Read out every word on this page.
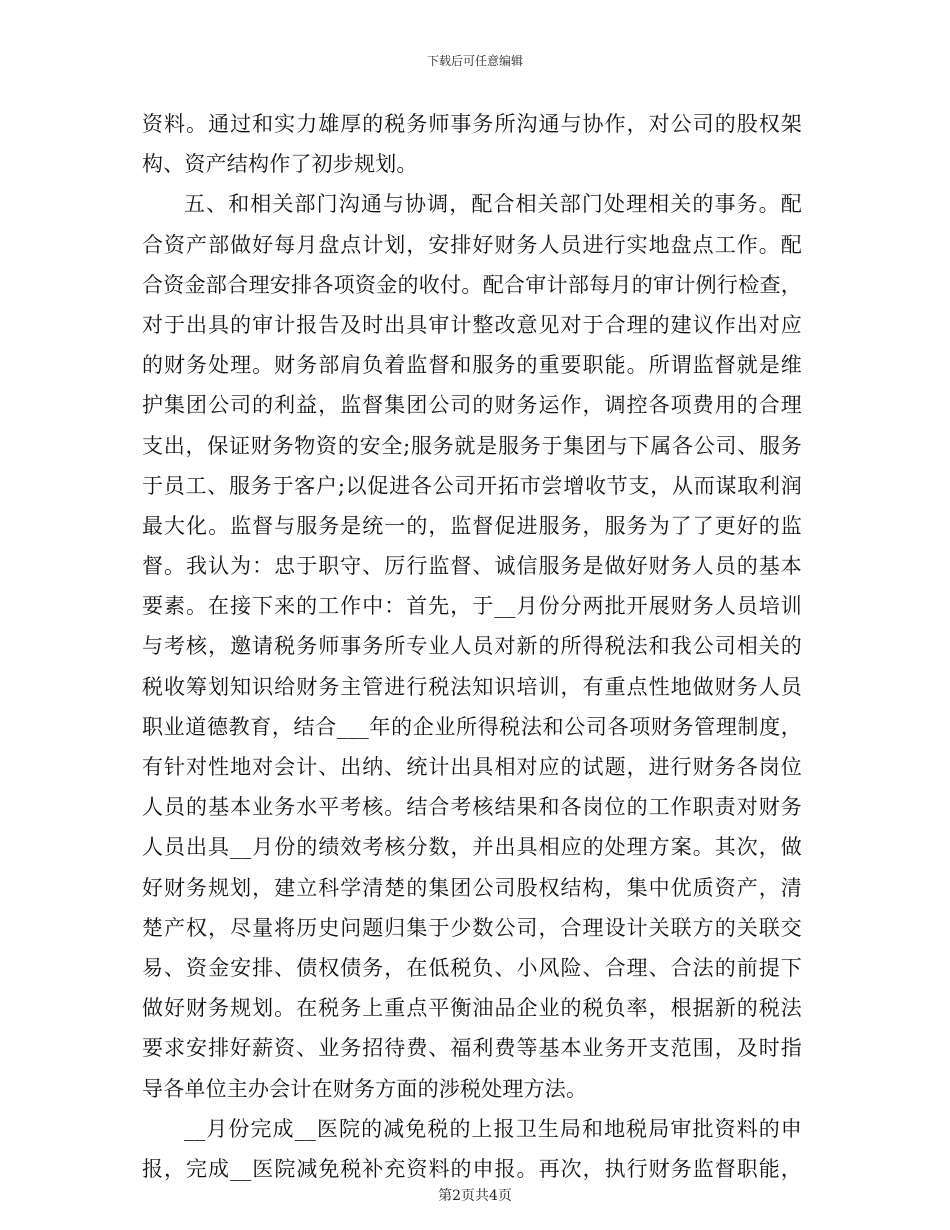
下载后可任意编辑
资料。通过和实力雄厚的税务师事务所沟通与协作，对公司的股权架
构、资产结构作了初步规划。
五、和相关部门沟通与协调，配合相关部门处理相关的事务。配
合资产部做好每月盘点计划，安排好财务人员进行实地盘点工作。配
合资金部合理安排各项资金的收付。配合审计部每月的审计例行检查，
对于出具的审计报告及时出具审计整改意见对于合理的建议作出对应
的财务处理。财务部肩负着监督和服务的重要职能。所谓监督就是维
护集团公司的利益，监督集团公司的财务运作，调控各项费用的合理
支出，保证财务物资的安全;服务就是服务于集团与下属各公司、服务
于员工、服务于客户;以促进各公司开拓市尝增收节支，从而谋取利润
最大化。监督与服务是统一的，监督促进服务，服务为了了更好的监
督。我认为：忠于职守、厉行监督、诚信服务是做好财务人员的基本
要素。在接下来的工作中：首先，于__月份分两批开展财务人员培训
与考核，邀请税务师事务所专业人员对新的所得税法和我公司相关的
税收筹划知识给财务主管进行税法知识培训，有重点性地做财务人员
职业道德教育，结合___年的企业所得税法和公司各项财务管理制度，
有针对性地对会计、出纳、统计出具相对应的试题，进行财务各岗位
人员的基本业务水平考核。结合考核结果和各岗位的工作职责对财务
人员出具__月份的绩效考核分数，并出具相应的处理方案。其次，做
好财务规划，建立科学清楚的集团公司股权结构，集中优质资产，清
楚产权，尽量将历史问题归集于少数公司，合理设计关联方的关联交
易、资金安排、债权债务，在低税负、小风险、合理、合法的前提下
做好财务规划。在税务上重点平衡油品企业的税负率，根据新的税法
要求安排好薪资、业务招待费、福利费等基本业务开支范围，及时指
导各单位主办会计在财务方面的涉税处理方法。
__月份完成__医院的减免税的上报卫生局和地税局审批资料的申
报，完成__医院减免税补充资料的申报。再次，执行财务监督职能，
第2页共4页
